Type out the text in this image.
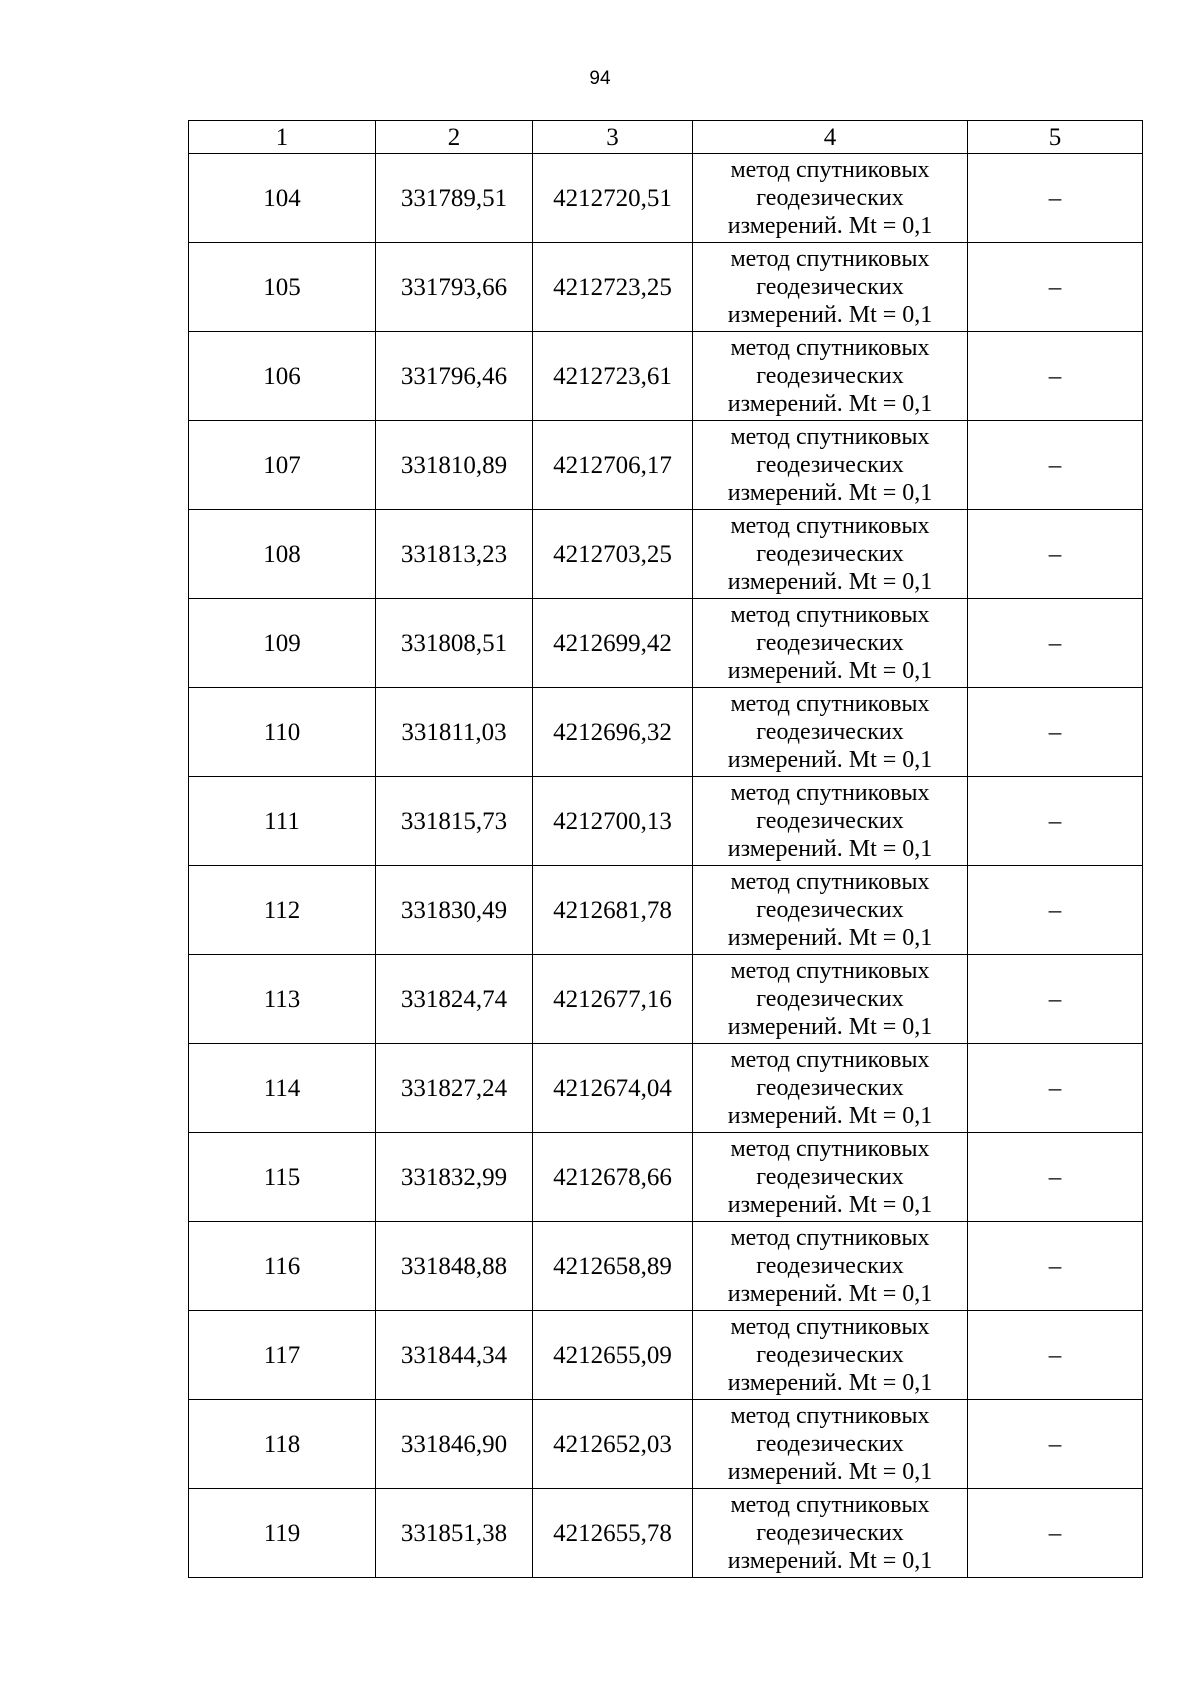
94
1	2	3	4	5
104	331789,51	4212720,51	метод спутниковых
геодезических
измерений. Mt = 0,1	–
105	331793,66	4212723,25	метод спутниковых
геодезических
измерений. Mt = 0,1	–
106	331796,46	4212723,61	метод спутниковых
геодезических
измерений. Mt = 0,1	–
107	331810,89	4212706,17	метод спутниковых
геодезических
измерений. Mt = 0,1	–
108	331813,23	4212703,25	метод спутниковых
геодезических
измерений. Mt = 0,1	–
109	331808,51	4212699,42	метод спутниковых
геодезических
измерений. Mt = 0,1	–
110	331811,03	4212696,32	метод спутниковых
геодезических
измерений. Mt = 0,1	–
111	331815,73	4212700,13	метод спутниковых
геодезических
измерений. Mt = 0,1	–
112	331830,49	4212681,78	метод спутниковых
геодезических
измерений. Mt = 0,1	–
113	331824,74	4212677,16	метод спутниковых
геодезических
измерений. Mt = 0,1	–
114	331827,24	4212674,04	метод спутниковых
геодезических
измерений. Mt = 0,1	–
115	331832,99	4212678,66	метод спутниковых
геодезических
измерений. Mt = 0,1	–
116	331848,88	4212658,89	метод спутниковых
геодезических
измерений. Mt = 0,1	–
117	331844,34	4212655,09	метод спутниковых
геодезических
измерений. Mt = 0,1	–
118	331846,90	4212652,03	метод спутниковых
геодезических
измерений. Mt = 0,1	–
119	331851,38	4212655,78	метод спутниковых
геодезических
измерений. Mt = 0,1	–
